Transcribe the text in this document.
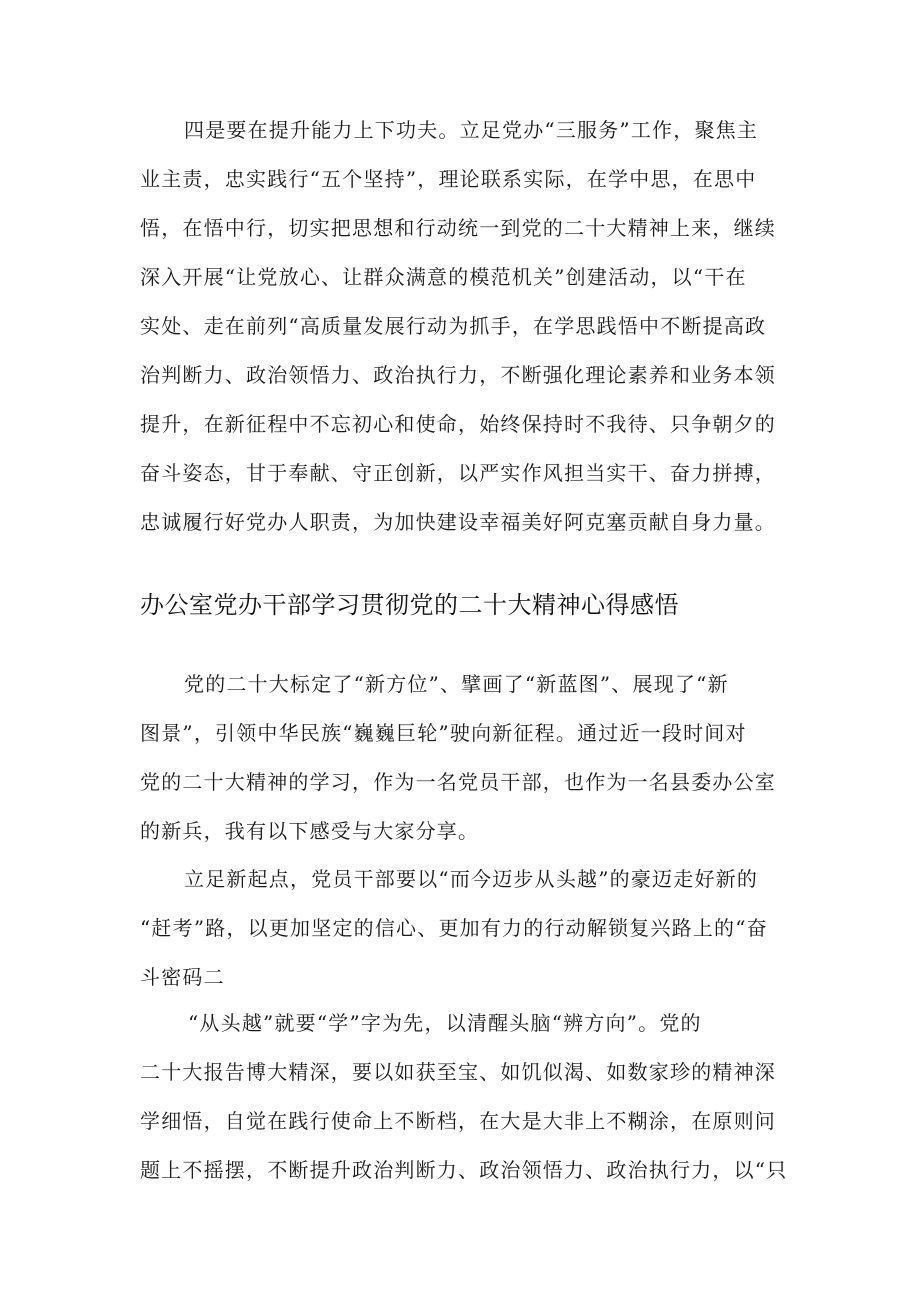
四是要在提升能力上下功夫。立足党办“三服务”工作，聚焦主
业主责，忠实践行“五个坚持”，理论联系实际，在学中思，在思中
悟，在悟中行，切实把思想和行动统一到党的二十大精神上来，继续
深入开展“让党放心、让群众满意的模范机关”创建活动，以“干在
实处、走在前列“高质量发展行动为抓手，在学思践悟中不断提高政
治判断力、政治领悟力、政治执行力，不断强化理论素养和业务本领
提升，在新征程中不忘初心和使命，始终保持时不我待、只争朝夕的
奋斗姿态，甘于奉献、守正创新，以严实作风担当实干、奋力拼搏，
忠诚履行好党办人职责，为加快建设幸福美好阿克塞贡献自身力量。
办公室党办干部学习贯彻党的二十大精神心得感悟
党的二十大标定了“新方位”、擘画了“新蓝图”、展现了“新
图景”，引领中华民族“巍巍巨轮”驶向新征程。通过近一段时间对
党的二十大精神的学习，作为一名党员干部，也作为一名县委办公室
的新兵，我有以下感受与大家分享。
立足新起点，党员干部要以“而今迈步从头越”的豪迈走好新的
“赶考”路，以更加坚定的信心、更加有力的行动解锁复兴路上的“奋
斗密码二
“从头越”就要“学”字为先，以清醒头脑“辨方向”。党的
二十大报告博大精深，要以如获至宝、如饥似渴、如数家珍的精神深
学细悟，自觉在践行使命上不断档，在大是大非上不糊涂，在原则问
题上不摇摆，不断提升政治判断力、政治领悟力、政治执行力，以“只
